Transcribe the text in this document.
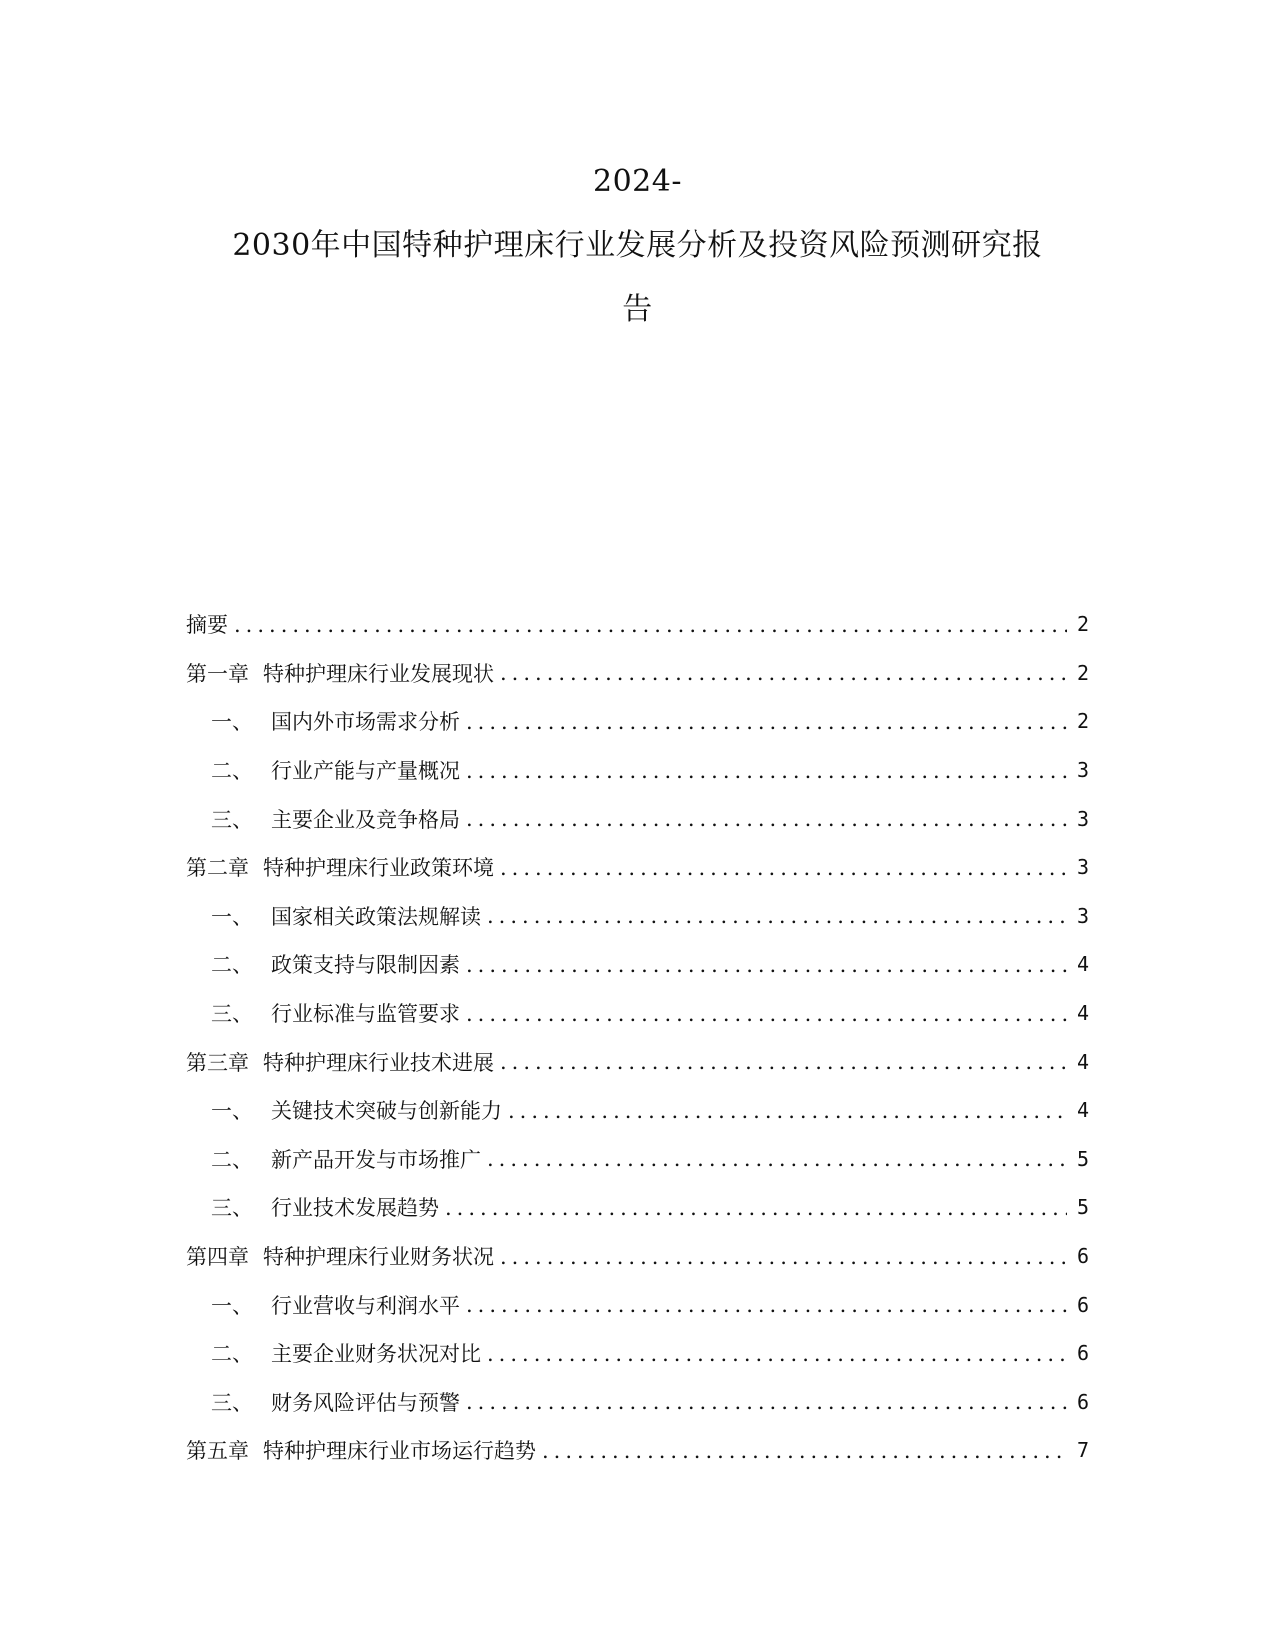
2024-
2030年中国特种护理床行业发展分析及投资风险预测研究报
告
摘要 .....	2
第一章 特种护理床行业发展现状 .....	2
一、 国内外市场需求分析 .....	2
二、 行业产能与产量概况 .....	3
三、 主要企业及竞争格局 .....	3
第二章 特种护理床行业政策环境 .....	3
一、 国家相关政策法规解读 .....	3
二、 政策支持与限制因素 .....	4
三、 行业标准与监管要求 .....	4
第三章 特种护理床行业技术进展 .....	4
一、 关键技术突破与创新能力 .....	4
二、 新产品开发与市场推广 .....	5
三、 行业技术发展趋势 .....	5
第四章 特种护理床行业财务状况 .....	6
一、 行业营收与利润水平 .....	6
二、 主要企业财务状况对比 .....	6
三、 财务风险评估与预警 .....	6
第五章 特种护理床行业市场运行趋势 .....	7
